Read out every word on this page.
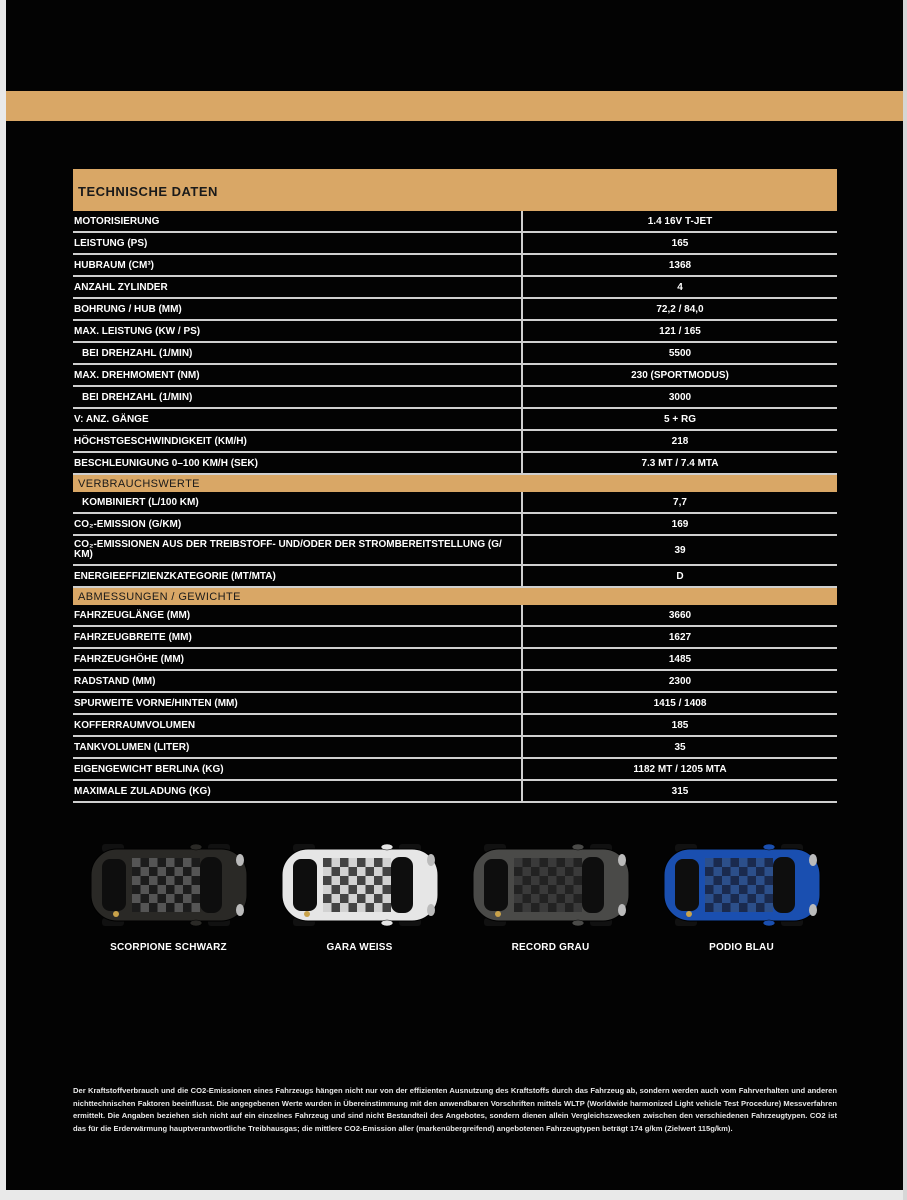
TECHNISCHE DATEN	
MOTORISIERUNG	1.4 16V T-JET
LEISTUNG (PS)	165
HUBRAUM (CM³)	1368
ANZAHL ZYLINDER	4
BOHRUNG / HUB (MM)	72,2 / 84,0
MAX. LEISTUNG (KW / PS)	121 / 165
BEI DREHZAHL (1/MIN)	5500
MAX. DREHMOMENT (NM)	230 (SPORTMODUS)
BEI DREHZAHL (1/MIN)	3000
V: ANZ. GÄNGE	5 + RG
HÖCHSTGESCHWINDIGKEIT (KM/H)	218
BESCHLEUNIGUNG 0–100 KM/H (SEK)	7.3 MT / 7.4 MTA
VERBRAUCHSWERTE	
KOMBINIERT (L/100 KM)	7,7
CO₂-EMISSION (G/KM)	169
CO₂-EMISSIONEN AUS DER TREIBSTOFF- UND/ODER DER STROMBEREITSTELLUNG (G/ KM)	39
ENERGIEEFFIZIENZKATEGORIE (MT/MTA)	D
ABMESSUNGEN / GEWICHTE	
FAHRZEUGLÄNGE (MM)	3660
FAHRZEUGBREITE (MM)	1627
FAHRZEUGHÖHE (MM)	1485
RADSTAND (MM)	2300
SPURWEITE VORNE/HINTEN (MM)	1415 / 1408
KOFFERRAUMVOLUMEN	185
TANKVOLUMEN (LITER)	35
EIGENGEWICHT BERLINA (KG)	1182 MT / 1205 MTA
MAXIMALE ZULADUNG (KG)	315
SCORPIONE SCHWARZ	GARA WEISS	RECORD GRAU	PODIO BLAU

Der Kraftstoffverbrauch und die CO2-Emissionen eines Fahrzeugs hängen nicht nur von der effizienten Ausnutzung des Kraftstoffs durch das Fahrzeug ab, sondern werden auch vom Fahrverhalten und anderen nichttechnischen Faktoren beeinflusst. Die angegebenen Werte wurden in Übereinstimmung mit den anwendbaren Vorschriften mittels WLTP (Worldwide harmonized Light vehicle Test Procedure) Messverfahren ermittelt. Die Angaben beziehen sich nicht auf ein einzelnes Fahrzeug und sind nicht Bestandteil des Angebotes, sondern dienen allein Vergleichszwecken zwischen den verschiedenen Fahrzeugtypen. CO2 ist das für die Erderwärmung hauptverantwortliche Treibhausgas; die mittlere CO2-Emission aller (markenübergreifend) angebotenen Fahrzeugtypen beträgt 174 g/km (Zielwert 115g/km).
